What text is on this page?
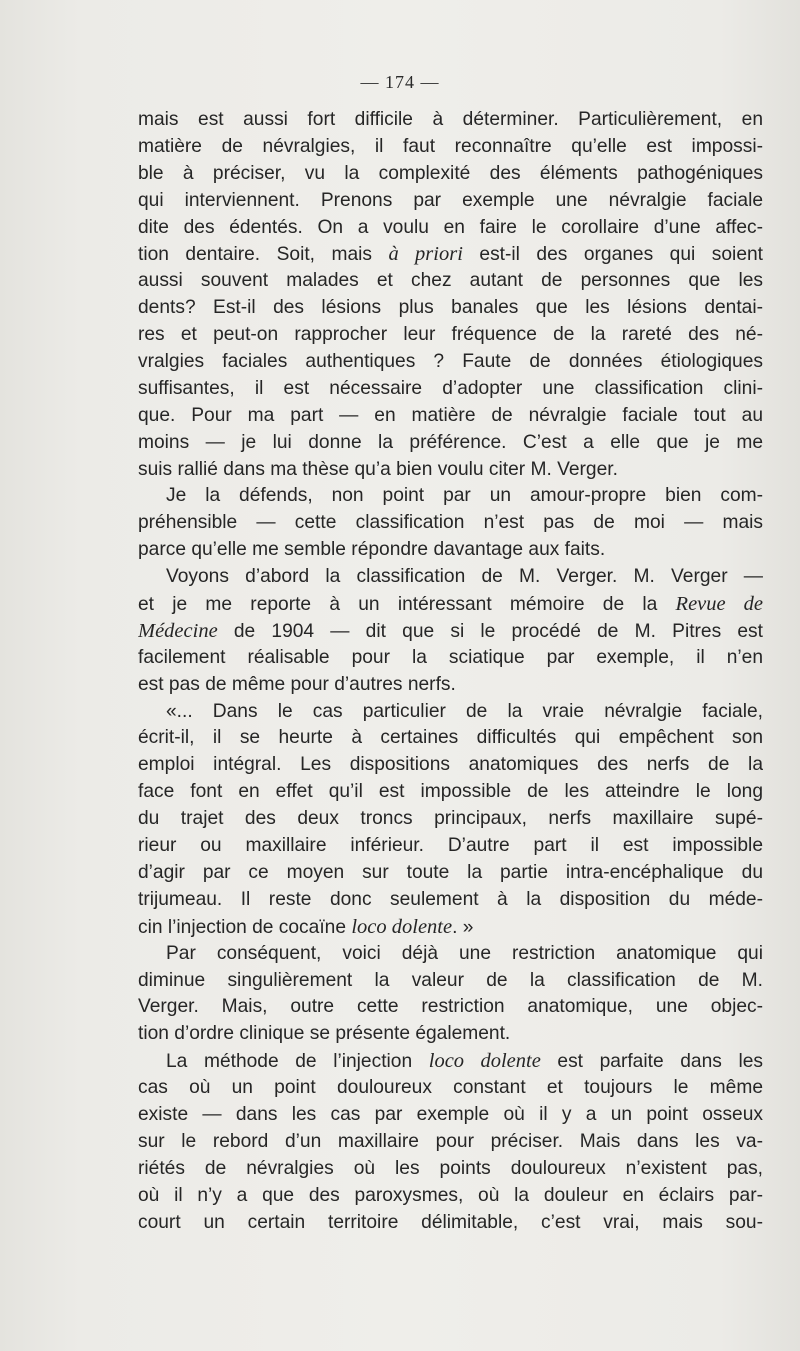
— 174 —
mais est aussi fort difficile à déterminer. Particulièrement, en
matière de névralgies, il faut reconnaître qu’elle est impossi-
ble à préciser, vu la complexité des éléments pathogéniques
qui interviennent. Prenons par exemple une névralgie faciale
dite des édentés. On a voulu en faire le corollaire d’une affec-
tion dentaire. Soit, mais à priori est-il des organes qui soient
aussi souvent malades et chez autant de personnes que les
dents? Est-il des lésions plus banales que les lésions dentai-
res et peut-on rapprocher leur fréquence de la rareté des né-
vralgies faciales authentiques ? Faute de données étiologiques
suffisantes, il est nécessaire d’adopter une classification clini-
que. Pour ma part — en matière de névralgie faciale tout au
moins — je lui donne la préférence. C’est a elle que je me
suis rallié dans ma thèse qu’a bien voulu citer M. Verger.
Je la défends, non point par un amour-propre bien com-
préhensible — cette classification n’est pas de moi — mais
parce qu’elle me semble répondre davantage aux faits.
Voyons d’abord la classification de M. Verger. M. Verger —
et je me reporte à un intéressant mémoire de la Revue de
Médecine de 1904 — dit que si le procédé de M. Pitres est
facilement réalisable pour la sciatique par exemple, il n’en
est pas de même pour d’autres nerfs.
«... Dans le cas particulier de la vraie névralgie faciale,
écrit-il, il se heurte à certaines difficultés qui empêchent son
emploi intégral. Les dispositions anatomiques des nerfs de la
face font en effet qu’il est impossible de les atteindre le long
du trajet des deux troncs principaux, nerfs maxillaire supé-
rieur ou maxillaire inférieur. D’autre part il est impossible
d’agir par ce moyen sur toute la partie intra-encéphalique du
trijumeau. Il reste donc seulement à la disposition du méde-
cin l’injection de cocaïne loco dolente. »
Par conséquent, voici déjà une restriction anatomique qui
diminue singulièrement la valeur de la classification de M.
Verger. Mais, outre cette restriction anatomique, une objec-
tion d’ordre clinique se présente également.
La méthode de l’injection loco dolente est parfaite dans les
cas où un point douloureux constant et toujours le même
existe — dans les cas par exemple où il y a un point osseux
sur le rebord d’un maxillaire pour préciser. Mais dans les va-
riétés de névralgies où les points douloureux n’existent pas,
où il n’y a que des paroxysmes, où la douleur en éclairs par-
court un certain territoire délimitable, c’est vrai, mais sou-
